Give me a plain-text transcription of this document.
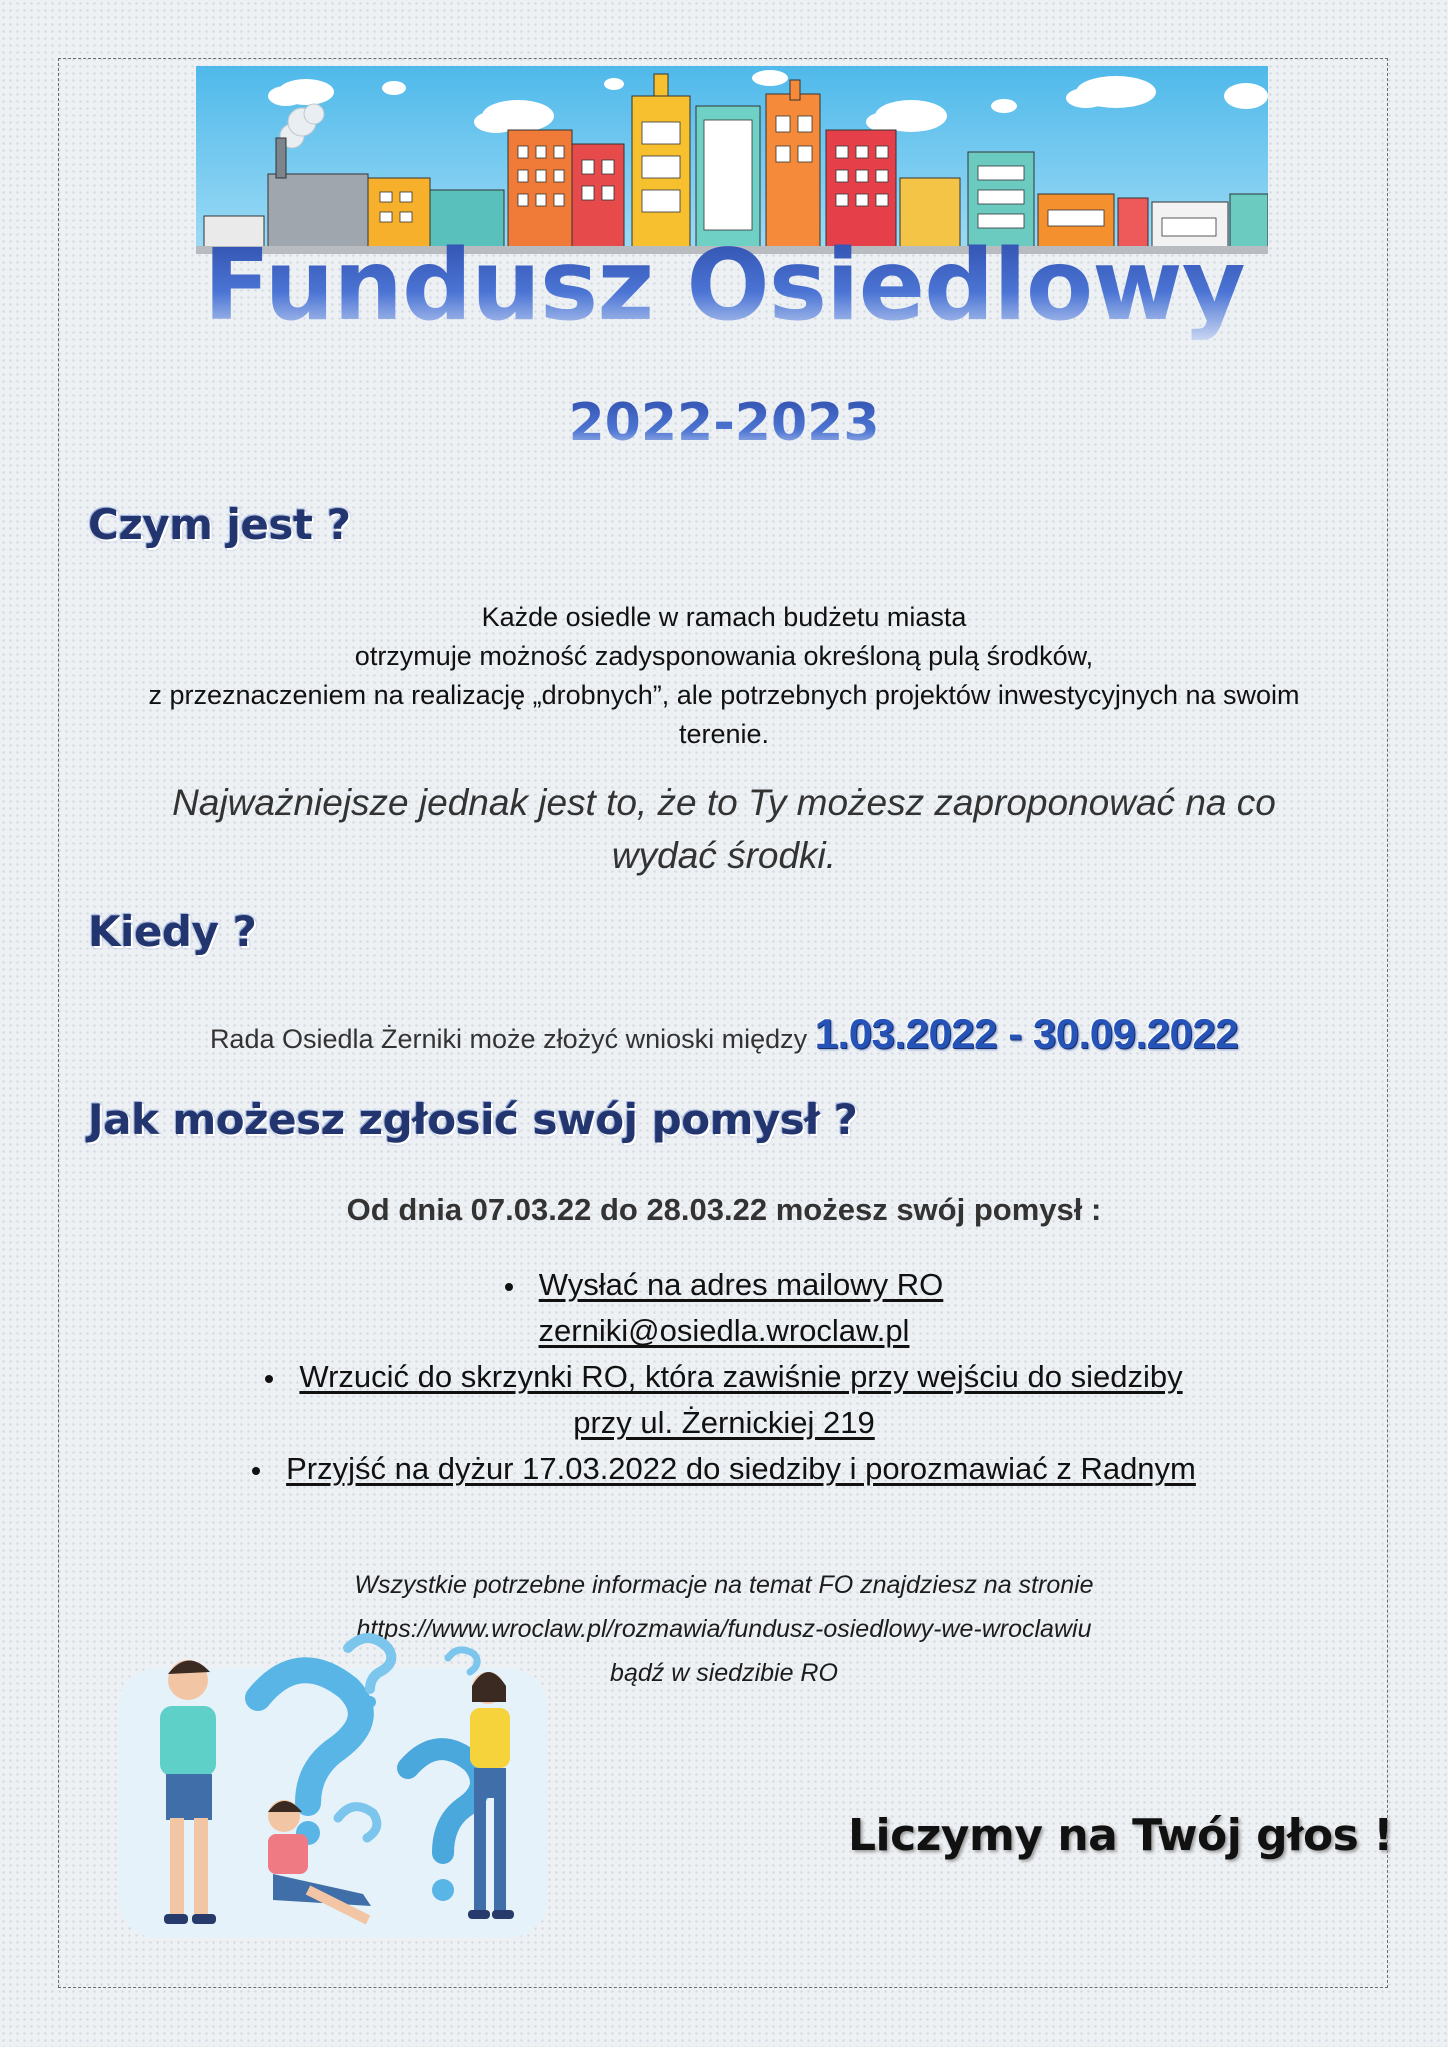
Fundusz Osiedlowy
2022-2023
Czym jest ?
Każde osiedle w ramach budżetu miasta
otrzymuje możność zadysponowania określoną pulą środków,
z przeznaczeniem na realizację „drobnych”, ale potrzebnych projektów inwestycyjnych na swoim
terenie.
Najważniejsze jednak jest to, że to Ty możesz zaproponować na co
wydać środki.
Kiedy ?
Rada Osiedla Żerniki może złożyć wnioski między 1.03.2022 - 30.09.2022
Jak możesz zgłosić swój pomysł ?
Od dnia 07.03.22 do 28.03.22 możesz swój pomysł :
Wysłać na adres mailowy RO
zerniki@osiedla.wroclaw.pl
Wrzucić do skrzynki RO, która zawiśnie przy wejściu do siedziby
przy ul. Żernickiej 219
Przyjść na dyżur 17.03.2022 do siedziby i porozmawiać z Radnym
Wszystkie potrzebne informacje na temat FO znajdziesz na stronie
https://www.wroclaw.pl/rozmawia/fundusz-osiedlowy-we-wroclawiu
bądź w siedzibie RO
Liczymy na Twój głos !
